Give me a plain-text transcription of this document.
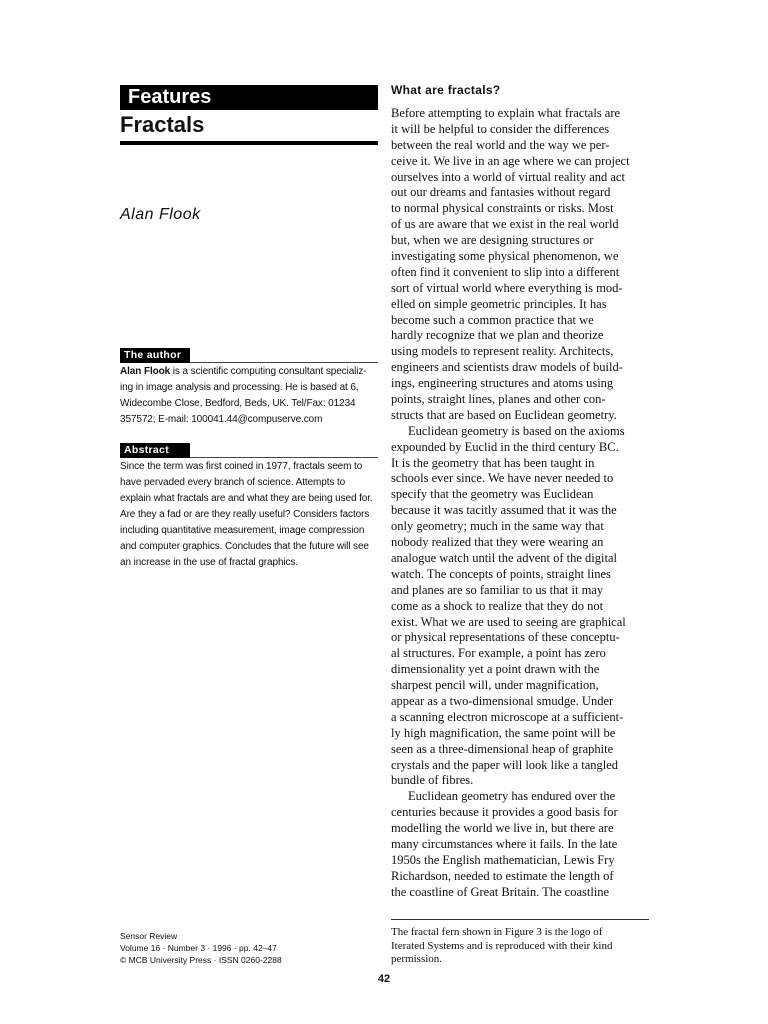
Features
Fractals
Alan Flook
The author
Alan Flook is a scientific computing consultant specializ-
ing in image analysis and processing. He is based at 6,
Widecombe Close, Bedford, Beds, UK. Tel/Fax: 01234
357572; E-mail: 100041.44@compuserve.com
Abstract
Since the term was first coined in 1977, fractals seem to
have pervaded every branch of science. Attempts to
explain what fractals are and what they are being used for.
Are they a fad or are they really useful? Considers factors
including quantitative measurement, image compression
and computer graphics. Concludes that the future will see
an increase in the use of fractal graphics.
Sensor Review
Volume 16 · Number 3 · 1996 · pp. 42–47
© MCB University Press · ISSN 0260-2288
What are fractals?
Before attempting to explain what fractals are
it will be helpful to consider the differences
between the real world and the way we per-
ceive it. We live in an age where we can project
ourselves into a world of virtual reality and act
out our dreams and fantasies without regard
to normal physical constraints or risks. Most
of us are aware that we exist in the real world
but, when we are designing structures or
investigating some physical phenomenon, we
often find it convenient to slip into a different
sort of virtual world where everything is mod-
elled on simple geometric principles. It has
become such a common practice that we
hardly recognize that we plan and theorize
using models to represent reality. Architects,
engineers and scientists draw models of build-
ings, engineering structures and atoms using
points, straight lines, planes and other con-
structs that are based on Euclidean geometry.
Euclidean geometry is based on the axioms
expounded by Euclid in the third century BC.
It is the geometry that has been taught in
schools ever since. We have never needed to
specify that the geometry was Euclidean
because it was tacitly assumed that it was the
only geometry; much in the same way that
nobody realized that they were wearing an
analogue watch until the advent of the digital
watch. The concepts of points, straight lines
and planes are so familiar to us that it may
come as a shock to realize that they do not
exist. What we are used to seeing are graphical
or physical representations of these conceptu-
al structures. For example, a point has zero
dimensionality yet a point drawn with the
sharpest pencil will, under magnification,
appear as a two-dimensional smudge. Under
a scanning electron microscope at a sufficient-
ly high magnification, the same point will be
seen as a three-dimensional heap of graphite
crystals and the paper will look like a tangled
bundle of fibres.
Euclidean geometry has endured over the
centuries because it provides a good basis for
modelling the world we live in, but there are
many circumstances where it fails. In the late
1950s the English mathematician, Lewis Fry
Richardson, needed to estimate the length of
the coastline of Great Britain. The coastline
The fractal fern shown in Figure 3 is the logo of
Iterated Systems and is reproduced with their kind
permission.
42
